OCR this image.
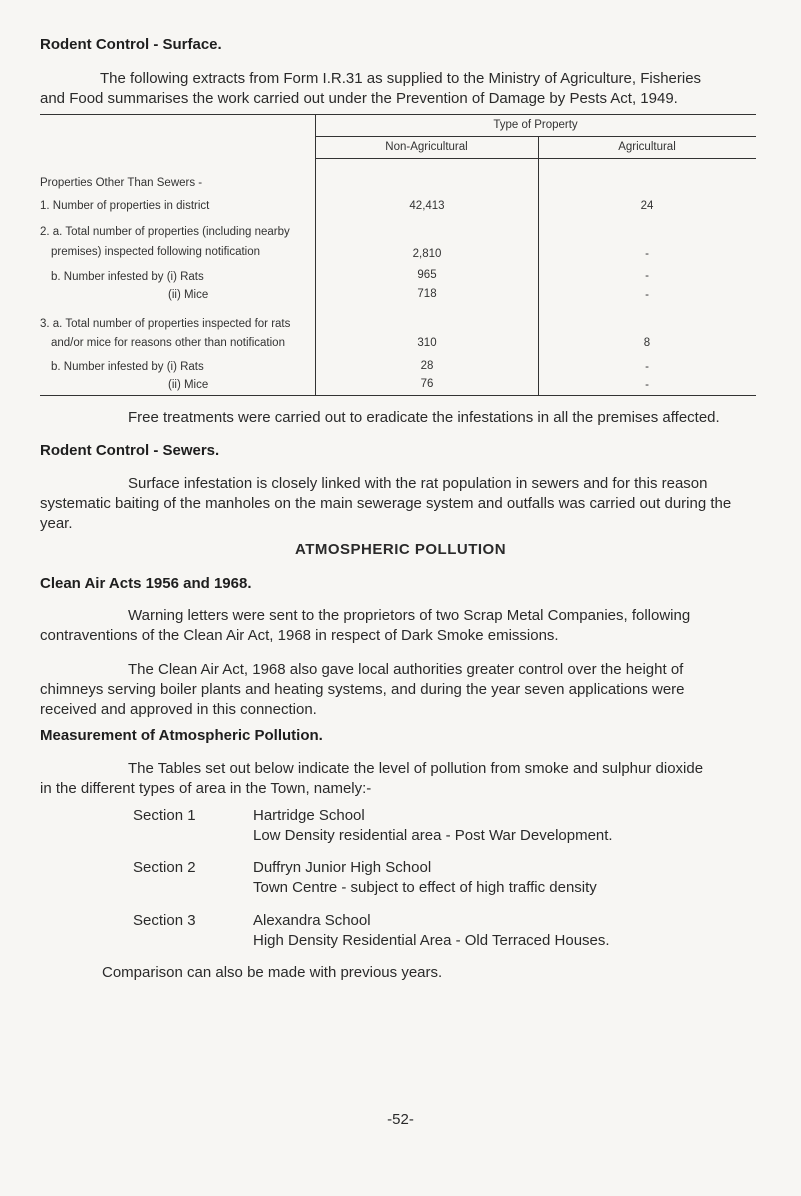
Rodent Control - Surface.
The following extracts from Form I.R.31 as supplied to the Ministry of Agriculture, Fisheries
and Food summarises the work carried out under the Prevention of Damage by Pests Act, 1949.
Type of Property
Non-Agricultural	Agricultural
Properties Other Than Sewers -
1. Number of properties in district	42,413	24
2. a. Total number of properties (including nearby
premises) inspected following notification	2,810	-
b. Number infested by (i) Rats	965	-
(ii) Mice	718	-
3. a. Total number of properties inspected for rats
and/or mice for reasons other than notification	310	8
b. Number infested by (i) Rats	28	-
(ii) Mice	76	-
Free treatments were carried out to eradicate the infestations in all the premises affected.
Rodent Control - Sewers.
Surface infestation is closely linked with the rat population in sewers and for this reason
systematic baiting of the manholes on the main sewerage system and outfalls was carried out during the
year.
ATMOSPHERIC POLLUTION
Clean Air Acts 1956 and 1968.
Warning letters were sent to the proprietors of two Scrap Metal Companies, following
contraventions of the Clean Air Act, 1968 in respect of Dark Smoke emissions.
The Clean Air Act, 1968 also gave local authorities greater control over the height of
chimneys serving boiler plants and heating systems, and during the year seven applications were
received and approved in this connection.
Measurement of Atmospheric Pollution.
The Tables set out below indicate the level of pollution from smoke and sulphur dioxide
in the different types of area in the Town, namely:-
Section 1	Hartridge School
Low Density residential area - Post War Development.
Section 2	Duffryn Junior High School
Town Centre - subject to effect of high traffic density
Section 3	Alexandra School
High Density Residential Area - Old Terraced Houses.
Comparison can also be made with previous years.
-52-
